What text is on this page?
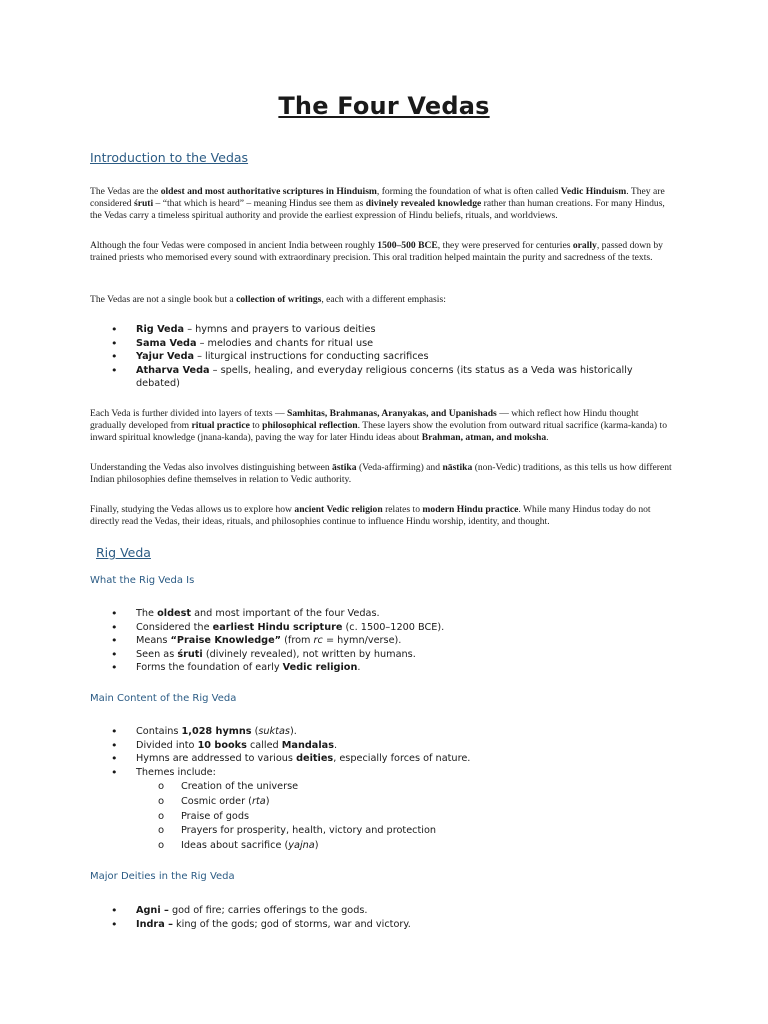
The Four Vedas
Introduction to the Vedas

The Vedas are the oldest and most authoritative scriptures in Hinduism, forming the foundation of what is often called Vedic Hinduism. They are considered śruti – “that which is heard” – meaning Hindus see them as divinely revealed knowledge rather than human creations. For many Hindus, the Vedas carry a timeless spiritual authority and provide the earliest expression of Hindu beliefs, rituals, and worldviews.

Although the four Vedas were composed in ancient India between roughly 1500–500 BCE, they were preserved for centuries orally, passed down by trained priests who memorised every sound with extraordinary precision. This oral tradition helped maintain the purity and sacredness of the texts.

The Vedas are not a single book but a collection of writings, each with a different emphasis:

• Rig Veda – hymns and prayers to various deities
• Sama Veda – melodies and chants for ritual use
• Yajur Veda – liturgical instructions for conducting sacrifices
• Atharva Veda – spells, healing, and everyday religious concerns (its status as a Veda was historically debated)

Each Veda is further divided into layers of texts — Samhitas, Brahmanas, Aranyakas, and Upanishads — which reflect how Hindu thought gradually developed from ritual practice to philosophical reflection. These layers show the evolution from outward ritual sacrifice (karma-kanda) to inward spiritual knowledge (jnana-kanda), paving the way for later Hindu ideas about Brahman, atman, and moksha.

Understanding the Vedas also involves distinguishing between āstika (Veda-affirming) and nāstika (non-Vedic) traditions, as this tells us how different Indian philosophies define themselves in relation to Vedic authority.

Finally, studying the Vedas allows us to explore how ancient Vedic religion relates to modern Hindu practice. While many Hindus today do not directly read the Vedas, their ideas, rituals, and philosophies continue to influence Hindu worship, identity, and thought.

Rig Veda
What the Rig Veda Is
• The oldest and most important of the four Vedas.
• Considered the earliest Hindu scripture (c. 1500–1200 BCE).
• Means “Praise Knowledge” (from rc = hymn/verse).
• Seen as śruti (divinely revealed), not written by humans.
• Forms the foundation of early Vedic religion.
Main Content of the Rig Veda
• Contains 1,028 hymns (suktas).
• Divided into 10 books called Mandalas.
• Hymns are addressed to various deities, especially forces of nature.
• Themes include:
o Creation of the universe
o Cosmic order (rta)
o Praise of gods
o Prayers for prosperity, health, victory and protection
o Ideas about sacrifice (yajna)
Major Deities in the Rig Veda
• Agni – god of fire; carries offerings to the gods.
• Indra – king of the gods; god of storms, war and victory.
